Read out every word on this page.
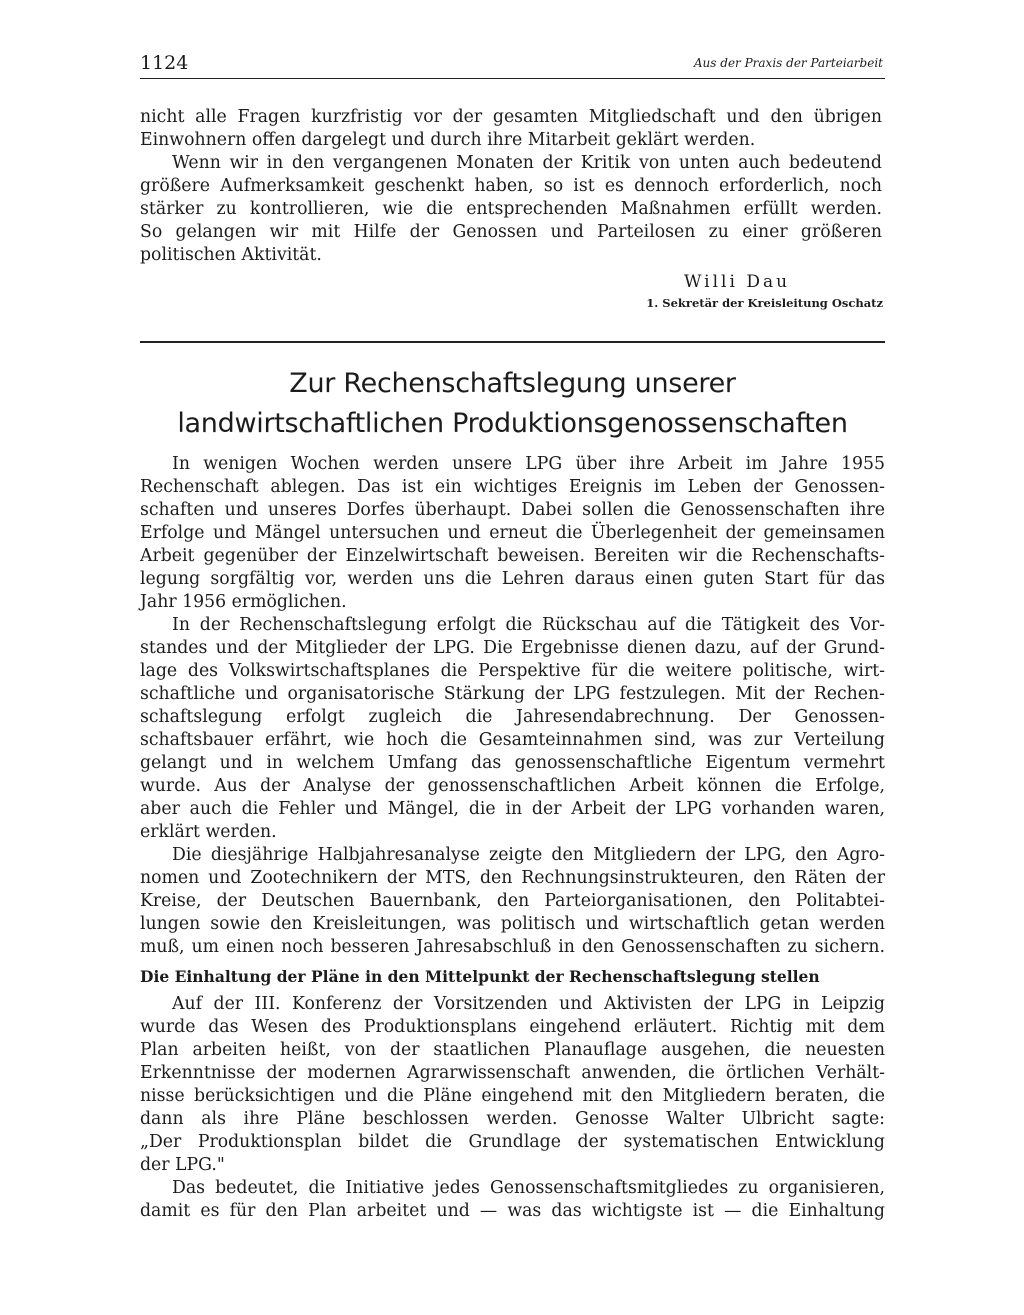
1124	Aus der Praxis der Parteiarbeit

nicht alle Fragen kurzfristig vor der gesamten Mitgliedschaft und den übrigen

Einwohnern offen dargelegt und durch ihre Mitarbeit geklärt werden.

Wenn wir in den vergangenen Monaten der Kritik von unten auch bedeutend

größere Aufmerksamkeit geschenkt haben, so ist es dennoch erforderlich, noch

stärker zu kontrollieren, wie die entsprechenden Maßnahmen erfüllt werden.

So gelangen wir mit Hilfe der Genossen und Parteilosen zu einer größeren

politischen Aktivität.

Willi Dau
1. Sekretär der Kreisleitung Oschatz
Zur Rechenschaftslegung unserer
landwirtschaftlichen Produktionsgenossenschaften

In wenigen Wochen werden unsere LPG über ihre Arbeit im Jahre 1955

Rechenschaft ablegen. Das ist ein wichtiges Ereignis im Leben der Genossen-

schaften und unseres Dorfes überhaupt. Dabei sollen die Genossenschaften ihre

Erfolge und Mängel untersuchen und erneut die Überlegenheit der gemeinsamen

Arbeit gegenüber der Einzelwirtschaft beweisen. Bereiten wir die Rechenschafts-

legung sorgfältig vor, werden uns die Lehren daraus einen guten Start für das

Jahr 1956 ermöglichen.

In der Rechenschaftslegung erfolgt die Rückschau auf die Tätigkeit des Vor-

standes und der Mitglieder der LPG. Die Ergebnisse dienen dazu, auf der Grund-

lage des Volkswirtschaftsplanes die Perspektive für die weitere politische, wirt-

schaftliche und organisatorische Stärkung der LPG festzulegen. Mit der Rechen-

schaftslegung erfolgt zugleich die Jahresendabrechnung. Der Genossen-

schaftsbauer erfährt, wie hoch die Gesamteinnahmen sind, was zur Verteilung

gelangt und in welchem Umfang das genossenschaftliche Eigentum vermehrt

wurde. Aus der Analyse der genossenschaftlichen Arbeit können die Erfolge,

aber auch die Fehler und Mängel, die in der Arbeit der LPG vorhanden waren,

erklärt werden.

Die diesjährige Halbjahresanalyse zeigte den Mitgliedern der LPG, den Agro-

nomen und Zootechnikern der MTS, den Rechnungsinstrukteuren, den Räten der

Kreise, der Deutschen Bauernbank, den Parteiorganisationen, den Politabtei-

lungen sowie den Kreisleitungen, was politisch und wirtschaftlich getan werden

muß, um einen noch besseren Jahresabschluß in den Genossenschaften zu sichern.

Die Einhaltung der Pläne in den Mittelpunkt der Rechenschaftslegung stellen

Auf der III. Konferenz der Vorsitzenden und Aktivisten der LPG in Leipzig

wurde das Wesen des Produktionsplans eingehend erläutert. Richtig mit dem

Plan arbeiten heißt, von der staatlichen Planauflage ausgehen, die neuesten

Erkenntnisse der modernen Agrarwissenschaft anwenden, die örtlichen Verhält-

nisse berücksichtigen und die Pläne eingehend mit den Mitgliedern beraten, die

dann als ihre Pläne beschlossen werden. Genosse Walter Ulbricht sagte:

„Der Produktionsplan bildet die Grundlage der systematischen Entwicklung

der LPG."

Das bedeutet, die Initiative jedes Genossenschaftsmitgliedes zu organisieren,

damit es für den Plan arbeitet und — was das wichtigste ist — die Einhaltung
